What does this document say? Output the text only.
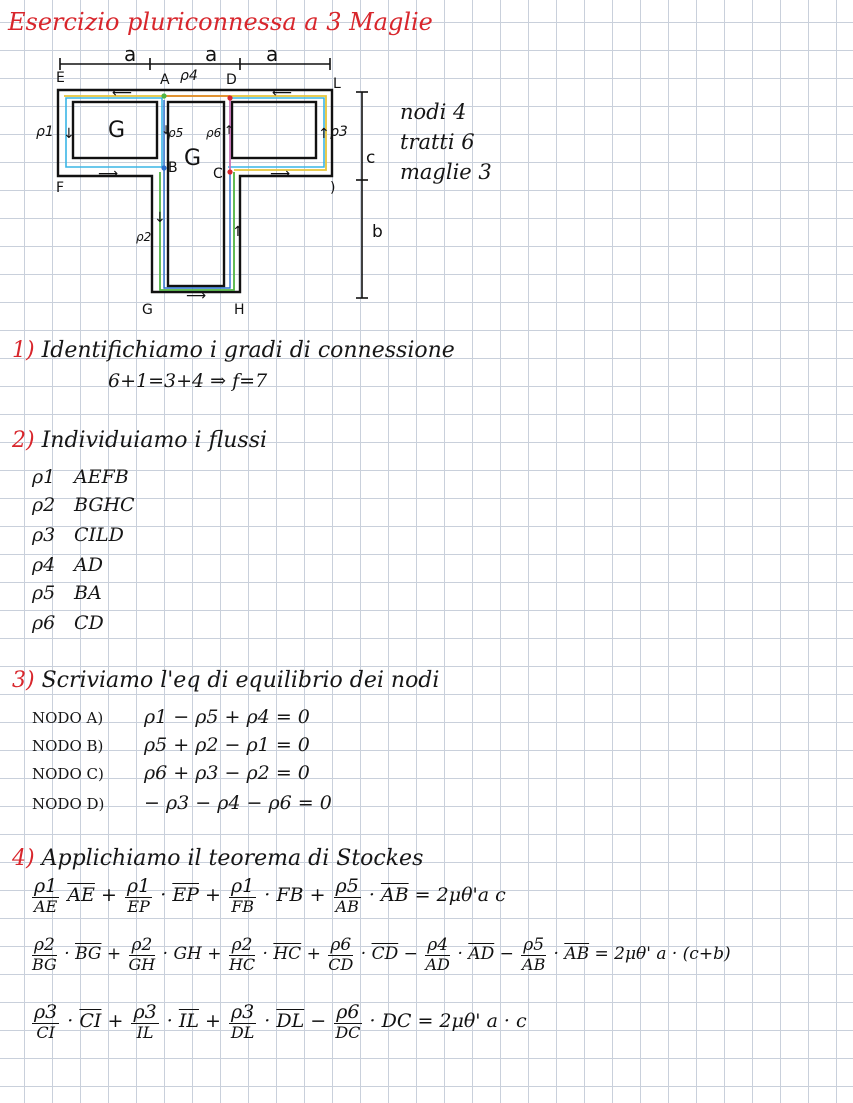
Esercizio pluriconnessa a 3 Maglie
⟵	⟵
⟶	⟶
⟶
↓	↑
↓
↑
↓	↑
a	a a
c
b
E	A ρ4 D	L
F
B	C
)
G	H
ρ1	ρ5 ρ6	ρ3
ρ2
G
G
nodi 4
tratti 6
maglie 3
1) Identifichiamo i gradi di connessione
6+1=3+4 ⇒ f=7
2) Individuiamo i flussi
ρ1 AEFB
ρ2 BGHC
ρ3 CILD
ρ4 AD
ρ5 BA
ρ6 CD
3) Scriviamo l'eq di equilibrio dei nodi
NODO A) ρ1 − ρ5 + ρ4 = 0
NODO B) ρ5 + ρ2 − ρ1 = 0
NODO C) ρ6 + ρ3 − ρ2 = 0
NODO D) − ρ3 − ρ4 − ρ6 = 0
4) Applichiamo il teorema di Stockes
$\frac{\rho 1}{AE} \overline{AE} + \frac{\rho 1}{EP} \cdot \overline{EP} + \frac{\rho 1}{FB}$ · FB + $\frac{\rho 5}{AB} \cdot \overline{AB} = 2\mu\theta'a$ c
$\frac{\rho 2}{BG} \cdot \overline{BG} + \frac{\rho 2}{GH}$ · GH + $\frac{\rho 2}{HC} \cdot \overline{HC} + \frac{\rho 6}{CD} \cdot \overline{CD} - \frac{\rho 4}{AD} \cdot \overline{AD} - \frac{\rho 5}{AB} \cdot \overline{AB} = 2\mu\theta'$ a · (c+b)
$\frac{\rho 3}{CI} \cdot \overline{CI} + \frac{\rho 3}{IL} \cdot \overline{IL} + \frac{\rho 3}{DL} \cdot \overline{DL} - \frac{\rho 6}{DC}$ · DC = 2μθ' a · c
